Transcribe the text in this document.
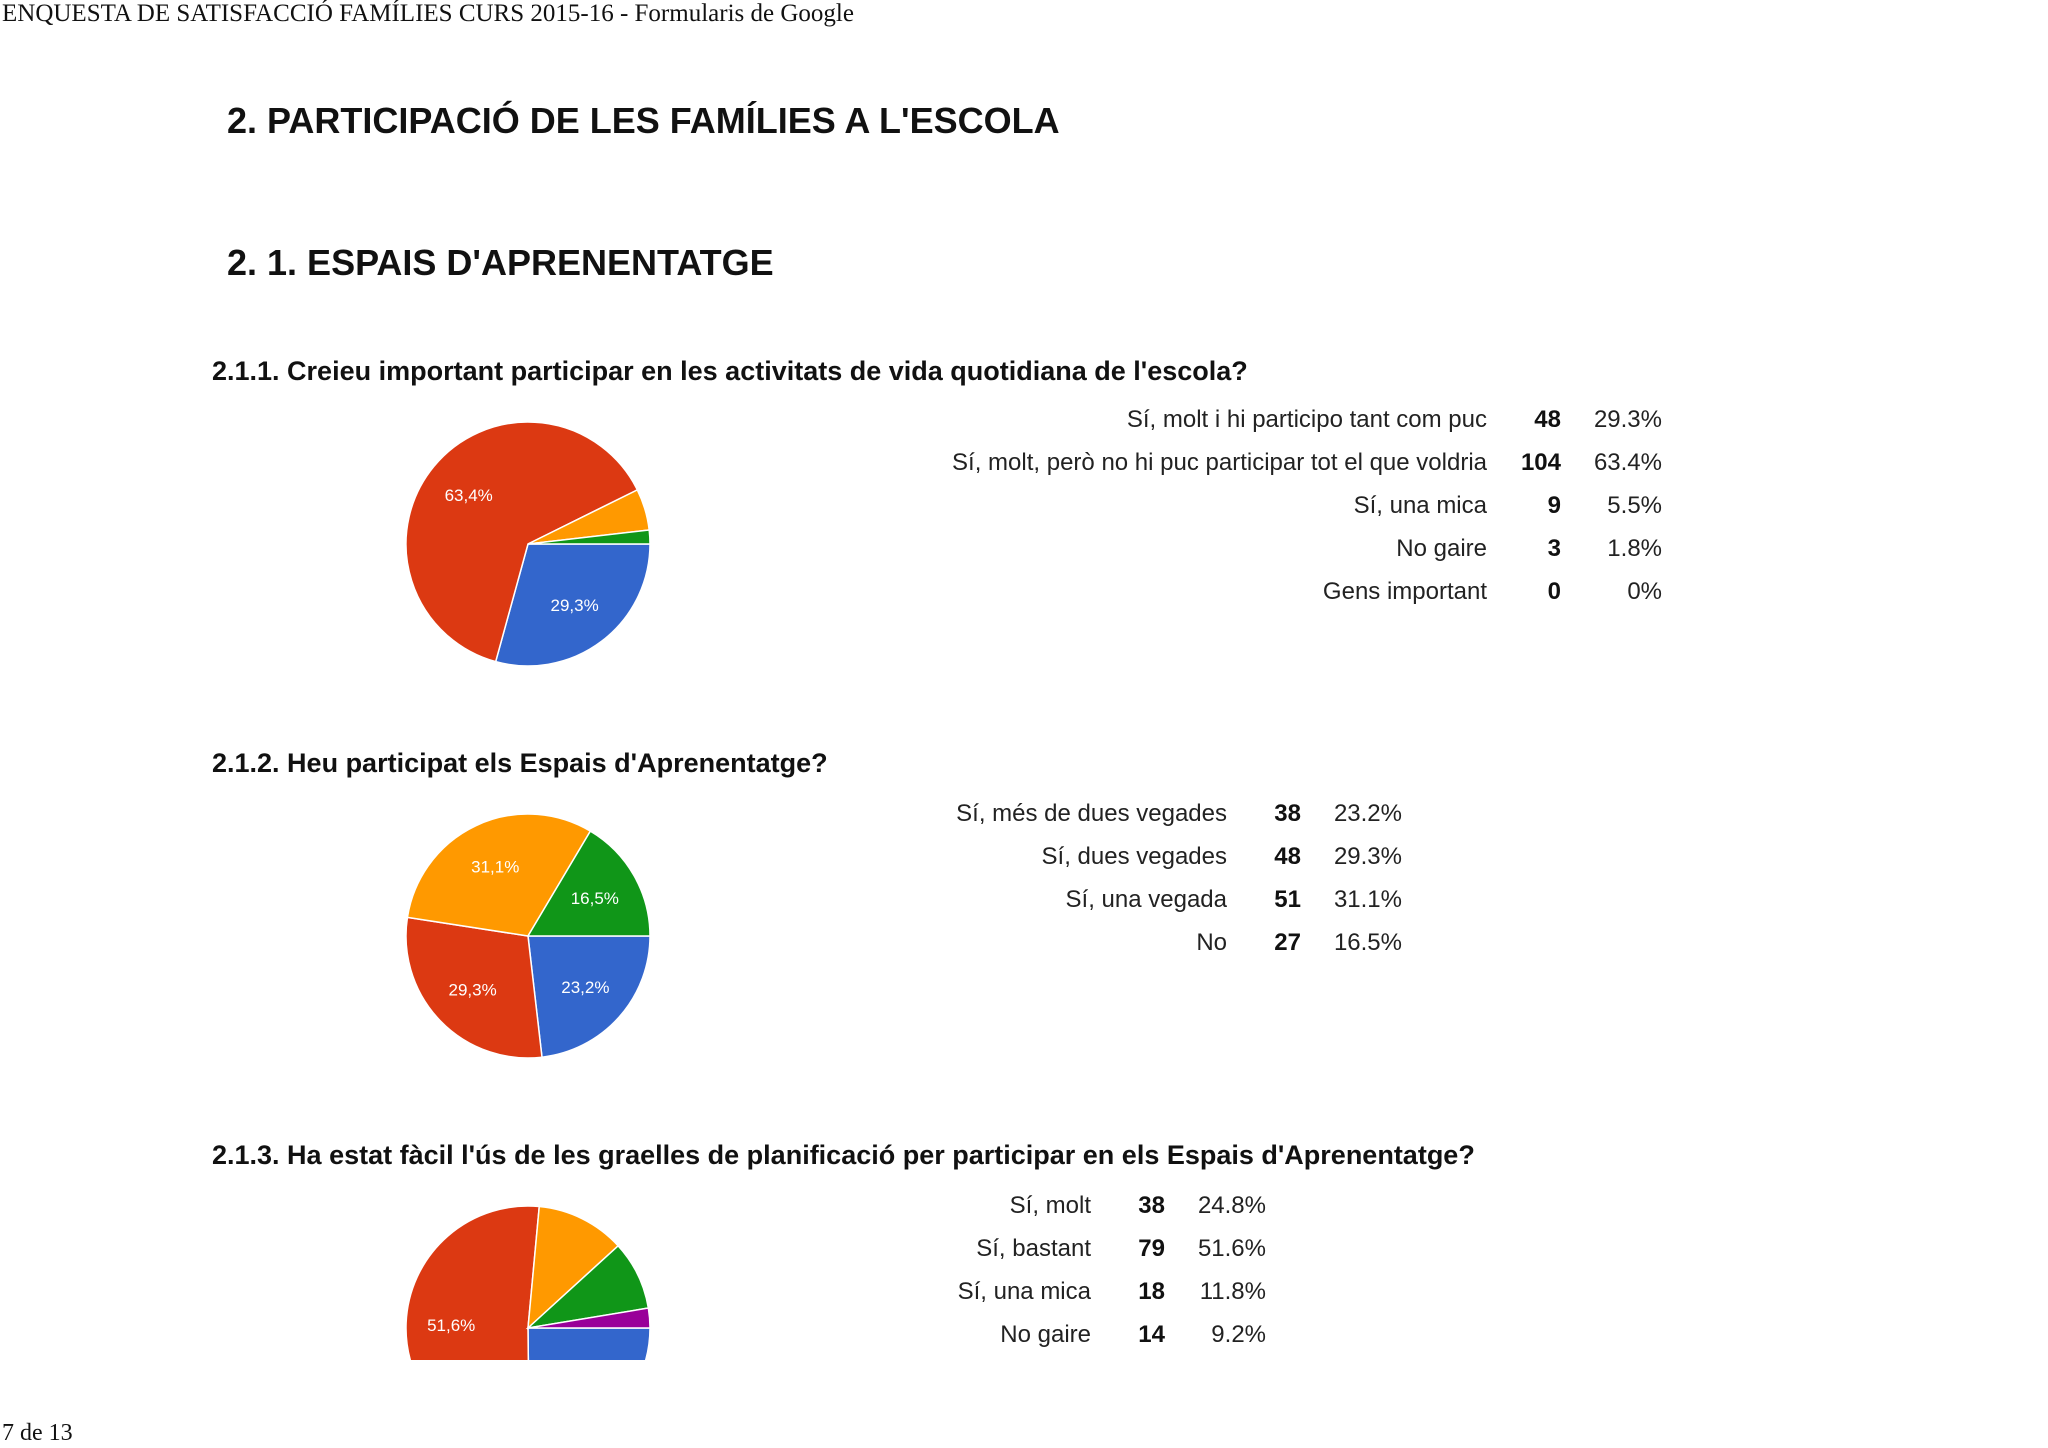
ENQUESTA DE SATISFACCIÓ FAMÍLIES CURS 2015-16 - Formularis de Google
2. PARTICIPACIÓ DE LES FAMÍLIES A L'ESCOLA
2. 1. ESPAIS D'APRENENTATGE
2.1.1. Creieu important participar en les activitats de vida quotidiana de l'escola?
29,3%
63,4%
Sí, molt i hi participo tant com puc	48	29.3%
Sí, molt, però no hi puc participar tot el que voldria	104	63.4%
Sí, una mica	9	5.5%
No gaire	3	1.8%
Gens important	0	0%
2.1.2. Heu participat els Espais d'Aprenentatge?
23,2%
29,3%
31,1%
16,5%
Sí, més de dues vegades	38	23.2%
Sí, dues vegades	48	29.3%
Sí, una vegada	51	31.1%
No	27	16.5%
2.1.3. Ha estat fàcil l'ús de les graelles de planificació per participar en els Espais d'Aprenentatge?
51,6%
Sí, molt	38	24.8%
Sí, bastant	79	51.6%
Sí, una mica	18	11.8%
No gaire	14	9.2%
7 de 13
